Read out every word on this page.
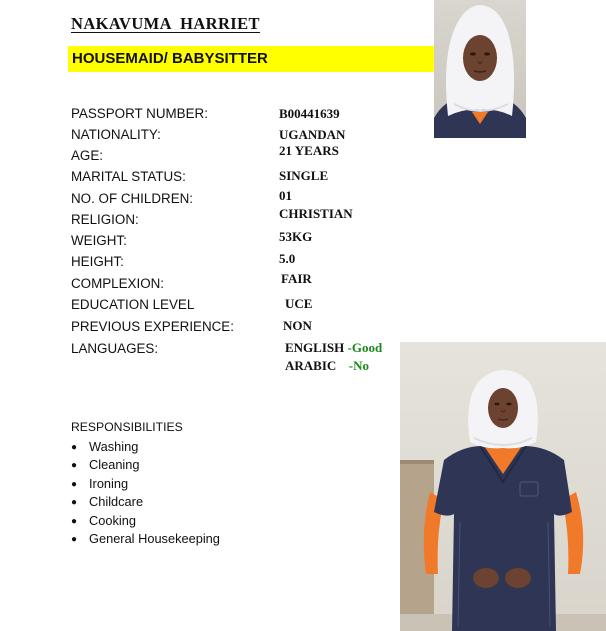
NAKAVUMA  HARRIET
HOUSEMAID/ BABYSITTER
PASSPORT NUMBER:	B00441639
NATIONALITY:	UGANDAN
AGE:	21 YEARS
MARITAL STATUS:	SINGLE
NO. OF CHILDREN:	01
RELIGION:	CHRISTIAN
WEIGHT:	53KG
HEIGHT:	5.0
COMPLEXION:	FAIR
EDUCATION LEVEL	UCE
PREVIOUS EXPERIENCE:	NON
LANGUAGES:	ENGLISH -Good
ARABIC -No
RESPONSIBILITIES
● Washing
● Cleaning
● Ironing
● Childcare
● Cooking
● General Housekeeping
